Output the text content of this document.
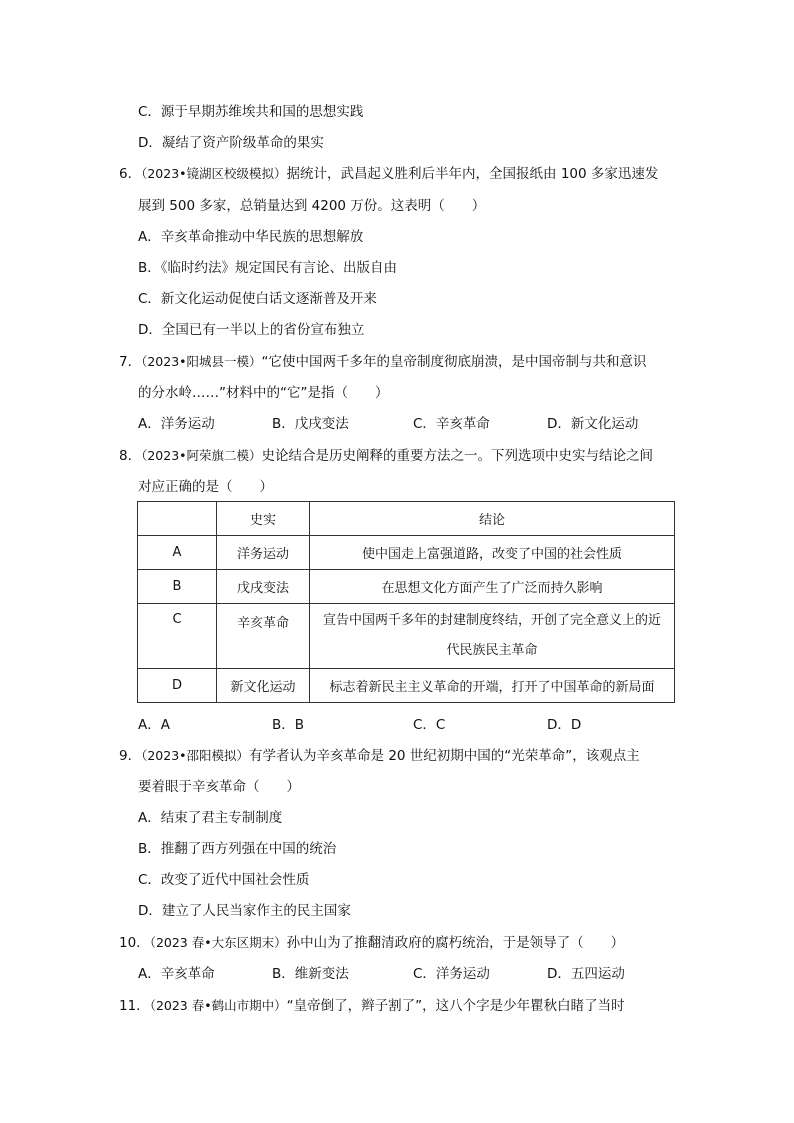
C．源于早期苏维埃共和国的思想实践
D．凝结了资产阶级革命的果实
6．（2023•镜湖区校级模拟）据统计，武昌起义胜利后半年内，全国报纸由 100 多家迅速发
展到 500 多家，总销量达到 4200 万份。这表明（　　）
A．辛亥革命推动中华民族的思想解放
B．《临时约法》规定国民有言论、出版自由
C．新文化运动促使白话文逐渐普及开来
D．全国已有一半以上的省份宣布独立
7．（2023•阳城县一模）“它使中国两千多年的皇帝制度彻底崩溃，是中国帝制与共和意识
的分水岭……”材料中的“它”是指（　　）
A．洋务运动	B．戊戌变法	C．辛亥革命	D．新文化运动
8．（2023•阿荣旗二模）史论结合是历史阐释的重要方法之一。下列选项中史实与结论之间
对应正确的是（　　）
	史实	结论
A	洋务运动	使中国走上富强道路，改变了中国的社会性质
B	戊戌变法	在思想文化方面产生了广泛而持久影响
C	辛亥革命	宣告中国两千多年的封建制度终结，开创了完全意义上的近
代民族民主革命

D	新文化运动	标志着新民主主义革命的开端，打开了中国革命的新局面
A．A	B．B	C．C	D．D
9．（2023•邵阳模拟）有学者认为辛亥革命是 20 世纪初期中国的“光荣革命”，该观点主
要着眼于辛亥革命（　　）
A．结束了君主专制制度
B．推翻了西方列强在中国的统治
C．改变了近代中国社会性质
D．建立了人民当家作主的民主国家
10．（2023 春•大东区期末）孙中山为了推翻清政府的腐朽统治，于是领导了（　　）
A．辛亥革命	B．维新变法	C．洋务运动	D．五四运动
11．（2023 春•鹤山市期中）“皇帝倒了，辫子割了”，这八个字是少年瞿秋白睹了当时
